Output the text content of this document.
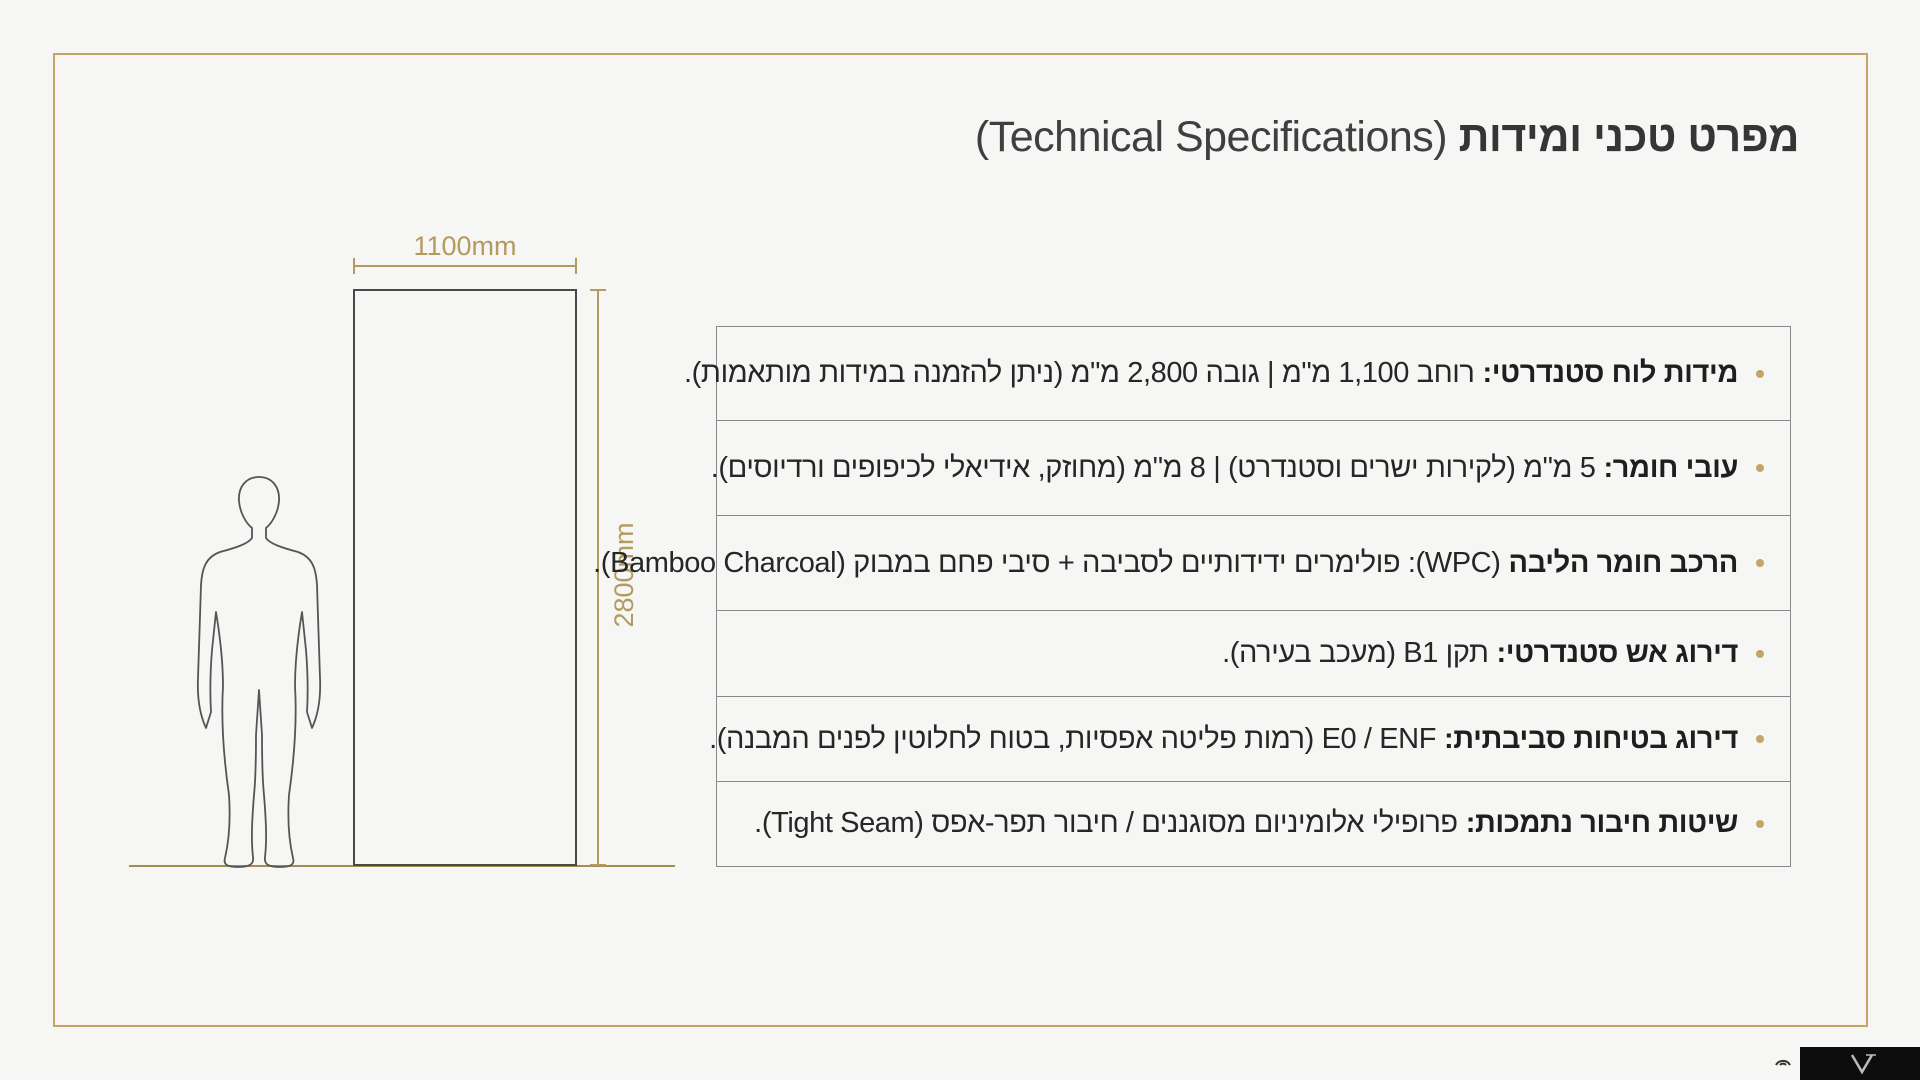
מפרט טכני ומידות (Technical Specifications)
1100mm
2800mm
מידות לוח סטנדרטי:
רוחב 1,100 מ"מ | גובה 2,800 מ"מ (ניתן להזמנה במידות מותאמות).
עובי חומר:
5 מ"מ (לקירות ישרים וסטנדרט) | 8 מ"מ (מחוזק, אידיאלי לכיפופים ורדיוסים).
הרכב חומר הליבה
(WPC): פולימרים ידידותיים לסביבה + סיבי פחם במבוק (Bamboo Charcoal).
דירוג אש סטנדרטי:
תקן B1 (מעכב בעירה).
דירוג בטיחות סביבתית:
E0 / ENF (רמות פליטה אפסיות, בטוח לחלוטין לפנים המבנה).
שיטות חיבור נתמכות:
פרופילי אלומיניום מסוגננים / חיבור תפר-אפס (Tight Seam).
